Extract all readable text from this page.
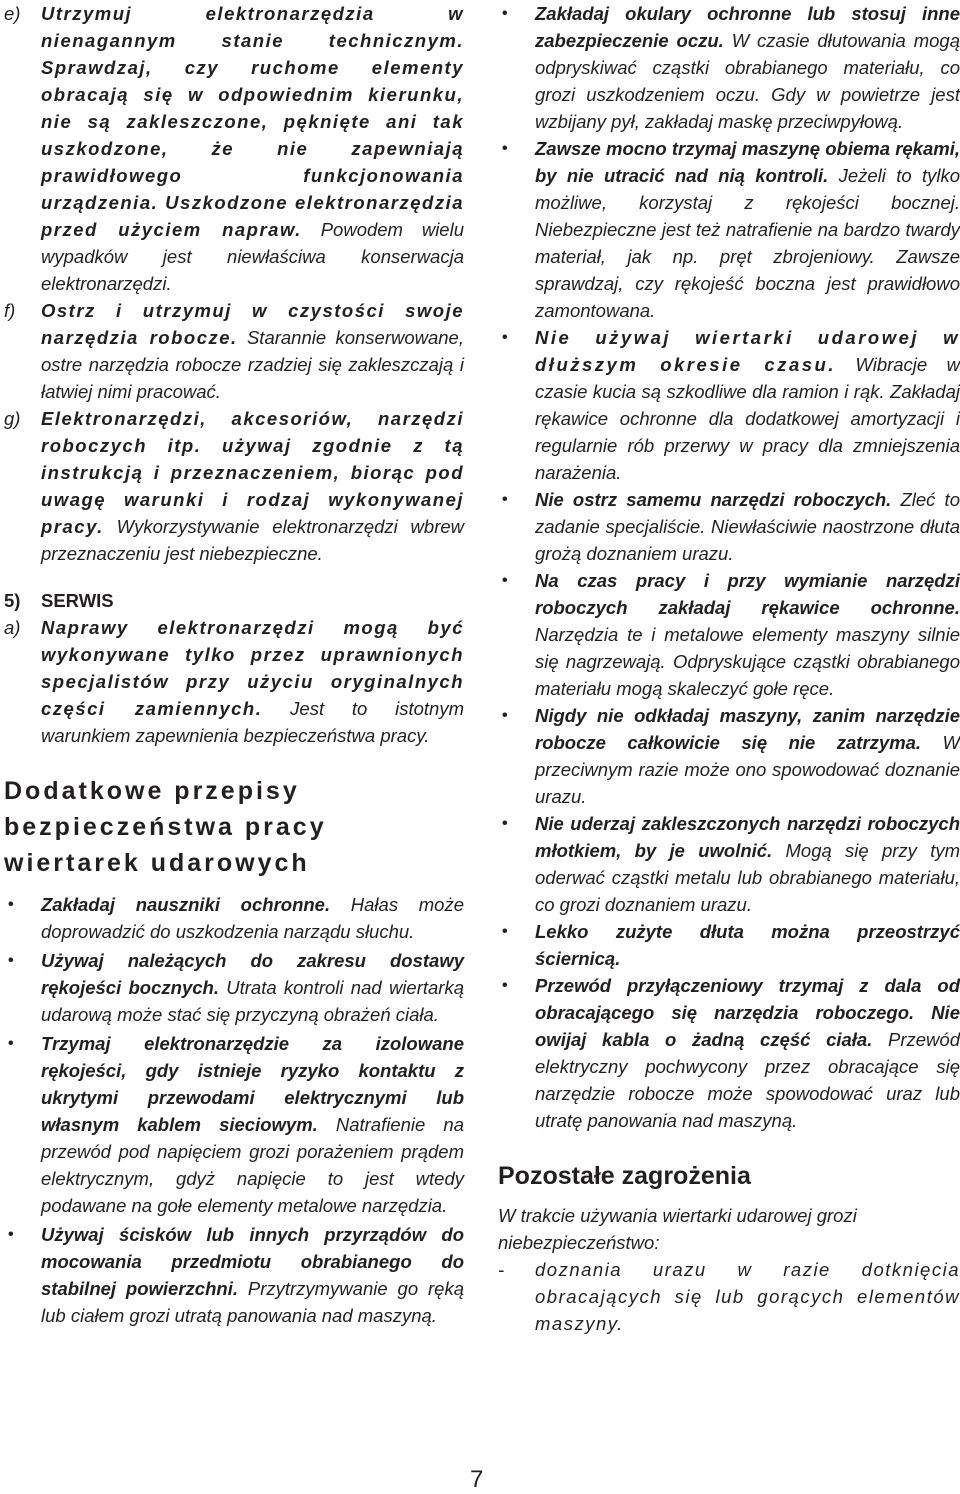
e)	Utrzymuj elektronarzędzia w nienagannym stanie technicznym. Sprawdzaj, czy ruchome elementy obracają się w odpowiednim kierunku, nie są zakleszczone, pęknięte ani tak uszkodzone, że nie zapewniają prawidłowego funkcjonowania urządzenia. Uszkodzone elektronarzędzia przed użyciem napraw. Powodem wielu wypadków jest niewłaściwa konserwacja elektronarzędzi.
f)	Ostrz i utrzymuj w czystości swoje narzędzia robocze. Starannie konserwowane, ostre narzędzia robocze rzadziej się zakleszczają i łatwiej nimi pracować.
g)	Elektronarzędzi, akcesoriów, narzędzi roboczych itp. używaj zgodnie z tą instrukcją i przeznaczeniem, biorąc pod uwagę warunki i rodzaj wykonywanej pracy. Wykorzystywanie elektronarzędzi wbrew przeznaczeniu jest niebezpieczne.
5) SERWIS
a)	Naprawy elektronarzędzi mogą być wykonywane tylko przez uprawnionych specjalistów przy użyciu oryginalnych części zamiennych. Jest to istotnym warunkiem zapewnienia bezpieczeństwa pracy.
Dodatkowe przepisy bezpieczeństwa pracy wiertarek udarowych
•	Zakładaj nauszniki ochronne. Hałas może doprowadzić do uszkodzenia narządu słuchu.
•	Używaj należących do zakresu dostawy rękojeści bocznych. Utrata kontroli nad wiertarką udarową może stać się przyczyną obrażeń ciała.
•	Trzymaj elektronarzędzie za izolowane rękojeści, gdy istnieje ryzyko kontaktu z ukrytymi przewodami elektrycznymi lub własnym kablem sieciowym. Natrafienie na przewód pod napięciem grozi porażeniem prądem elektrycznym, gdyż napięcie to jest wtedy podawane na gołe elementy metalowe narzędzia.
•	Używaj ścisków lub innych przyrządów do mocowania przedmiotu obrabianego do stabilnej powierzchni. Przytrzymywanie go ręką lub ciałem grozi utratą panowania nad maszyną.
•	Zakładaj okulary ochronne lub stosuj inne zabezpieczenie oczu. W czasie dłutowania mogą odpryskiwać cząstki obrabianego materiału, co grozi uszkodzeniem oczu. Gdy w powietrze jest wzbijany pył, zakładaj maskę przeciwpyłową.
•	Zawsze mocno trzymaj maszynę obiema rękami, by nie utracić nad nią kontroli. Jeżeli to tylko możliwe, korzystaj z rękojeści bocznej. Niebezpieczne jest też natrafienie na bardzo twardy materiał, jak np. pręt zbrojeniowy. Zawsze sprawdzaj, czy rękojeść boczna jest prawidłowo zamontowana.
•	Nie używaj wiertarki udarowej w dłuższym okresie czasu. Wibracje w czasie kucia są szkodliwe dla ramion i rąk. Zakładaj rękawice ochronne dla dodatkowej amortyzacji i regularnie rób przerwy w pracy dla zmniejszenia narażenia.
•	Nie ostrz samemu narzędzi roboczych. Zleć to zadanie specjaliście. Niewłaściwie naostrzone dłuta grożą doznaniem urazu.
•	Na czas pracy i przy wymianie narzędzi roboczych zakładaj rękawice ochronne. Narzędzia te i metalowe elementy maszyny silnie się nagrzewają. Odpryskujące cząstki obrabianego materiału mogą skaleczyć gołe ręce.
•	Nigdy nie odkładaj maszyny, zanim narzędzie robocze całkowicie się nie zatrzyma. W przeciwnym razie może ono spowodować doznanie urazu.
•	Nie uderzaj zakleszczonych narzędzi roboczych młotkiem, by je uwolnić. Mogą się przy tym oderwać cząstki metalu lub obrabianego materiału, co grozi doznaniem urazu.
•	Lekko zużyte dłuta można przeostrzyć ściernicą.
•	Przewód przyłączeniowy trzymaj z dala od obracającego się narzędzia roboczego. Nie owijaj kabla o żadną część ciała. Przewód elektryczny pochwycony przez obracające się narzędzie robocze może spowodować uraz lub utratę panowania nad maszyną.
Pozostałe zagrożenia
W trakcie używania wiertarki udarowej grozi niebezpieczeństwo:
-	doznania urazu w razie dotknięcia obracających się lub gorących elementów maszyny.
7
